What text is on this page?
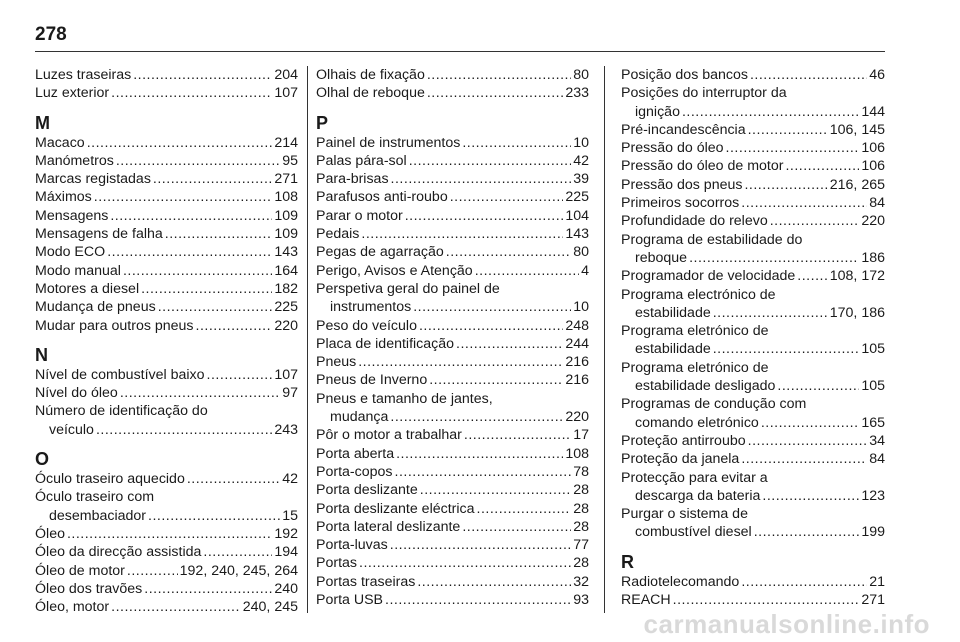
278
Luzes traseiras .....	204
Luz exterior .....	107
M
Macaco .....	214
Manómetros .....	95
Marcas registadas .....	271
Máximos .....	108
Mensagens .....	109
Mensagens de falha .....	109
Modo ECO .....	143
Modo manual .....	164
Motores a diesel .....	182
Mudança de pneus .....	225
Mudar para outros pneus .....	220
N
Nível de combustível baixo .....	107
Nível do óleo .....	97
Número de identificação do
veículo .....	243
O
Óculo traseiro aquecido .....	42
Óculo traseiro com
desembaciador .....	15
Óleo .....	192
Óleo da direcção assistida .....	194
Óleo de motor .....	192, 240, 245, 264
Óleo dos travões .....	240
Óleo, motor .....	240, 245
Olhais de fixação .....	80
Olhal de reboque .....	233
P
Painel de instrumentos .....	10
Palas pára-sol .....	42
Para-brisas .....	39
Parafusos anti-roubo .....	225
Parar o motor .....	104
Pedais .....	143
Pegas de agarração .....	80
Perigo, Avisos e Atenção .....	4
Perspetiva geral do painel de
instrumentos .....	10
Peso do veículo .....	248
Placa de identificação .....	244
Pneus .....	216
Pneus de Inverno .....	216
Pneus e tamanho de jantes,
mudança .....	220
Pôr o motor a trabalhar .....	17
Porta aberta .....	108
Porta-copos .....	78
Porta deslizante .....	28
Porta deslizante eléctrica .....	28
Porta lateral deslizante .....	28
Porta-luvas .....	77
Portas .....	28
Portas traseiras .....	32
Porta USB .....	93
Posição dos bancos .....	46
Posições do interruptor da
ignição .....	144
Pré-incandescência .....	106, 145
Pressão do óleo .....	106
Pressão do óleo de motor .....	106
Pressão dos pneus .....	216, 265
Primeiros socorros .....	84
Profundidade do relevo .....	220
Programa de estabilidade do
reboque .....	186
Programador de velocidade ..... 108, 172
Programa electrónico de
estabilidade .....	170, 186
Programa eletrónico de
estabilidade .....	105
Programa eletrónico de
estabilidade desligado .....	105
Programas de condução com
comando eletrónico .....	165
Proteção antirroubo .....	34
Proteção da janela .....	84
Protecção para evitar a
descarga da bateria .....	123
Purgar o sistema de
combustível diesel .....	199
R
Radiotelecomando .....	21
REACH .....	271
carmanualsonline.info
